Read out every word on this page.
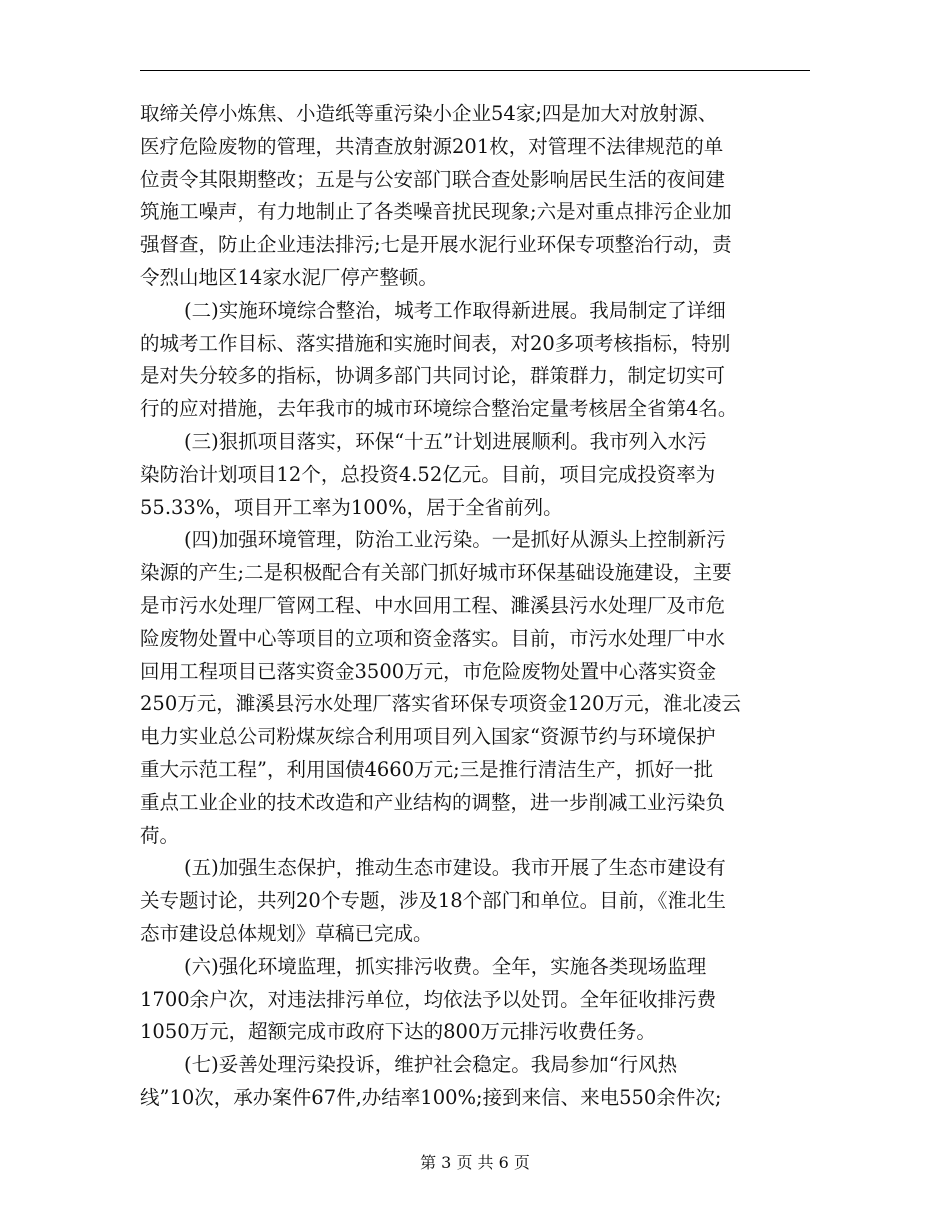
取缔关停小炼焦、小造纸等重污染小企业54家;四是加大对放射源、
医疗危险废物的管理，共清查放射源201枚，对管理不法律规范的单
位责令其限期整改；五是与公安部门联合查处影响居民生活的夜间建
筑施工噪声，有力地制止了各类噪音扰民现象;六是对重点排污企业加
强督查，防止企业违法排污;七是开展水泥行业环保专项整治行动，责
令烈山地区14家水泥厂停产整顿。
(二)实施环境综合整治，城考工作取得新进展。我局制定了详细
的城考工作目标、落实措施和实施时间表，对20多项考核指标，特别
是对失分较多的指标，协调多部门共同讨论，群策群力，制定切实可
行的应对措施，去年我市的城市环境综合整治定量考核居全省第4名。
(三)狠抓项目落实，环保“十五”计划进展顺利。我市列入水污
染防治计划项目12个，总投资4.52亿元。目前，项目完成投资率为
55.33%，项目开工率为100%，居于全省前列。
(四)加强环境管理，防治工业污染。一是抓好从源头上控制新污
染源的产生;二是积极配合有关部门抓好城市环保基础设施建设，主要
是市污水处理厂管网工程、中水回用工程、濉溪县污水处理厂及市危
险废物处置中心等项目的立项和资金落实。目前，市污水处理厂中水
回用工程项目已落实资金3500万元，市危险废物处置中心落实资金
250万元，濉溪县污水处理厂落实省环保专项资金120万元，淮北凌云
电力实业总公司粉煤灰综合利用项目列入国家“资源节约与环境保护
重大示范工程”，利用国债4660万元;三是推行清洁生产，抓好一批
重点工业企业的技术改造和产业结构的调整，进一步削减工业污染负
荷。
(五)加强生态保护，推动生态市建设。我市开展了生态市建设有
关专题讨论，共列20个专题，涉及18个部门和单位。目前，《淮北生
态市建设总体规划》草稿已完成。
(六)强化环境监理，抓实排污收费。全年，实施各类现场监理
1700余户次，对违法排污单位，均依法予以处罚。全年征收排污费
1050万元，超额完成市政府下达的800万元排污收费任务。
(七)妥善处理污染投诉，维护社会稳定。我局参加“行风热
线”10次，承办案件67件,办结率100%;接到来信、来电550余件次;
第 3 页 共 6 页
